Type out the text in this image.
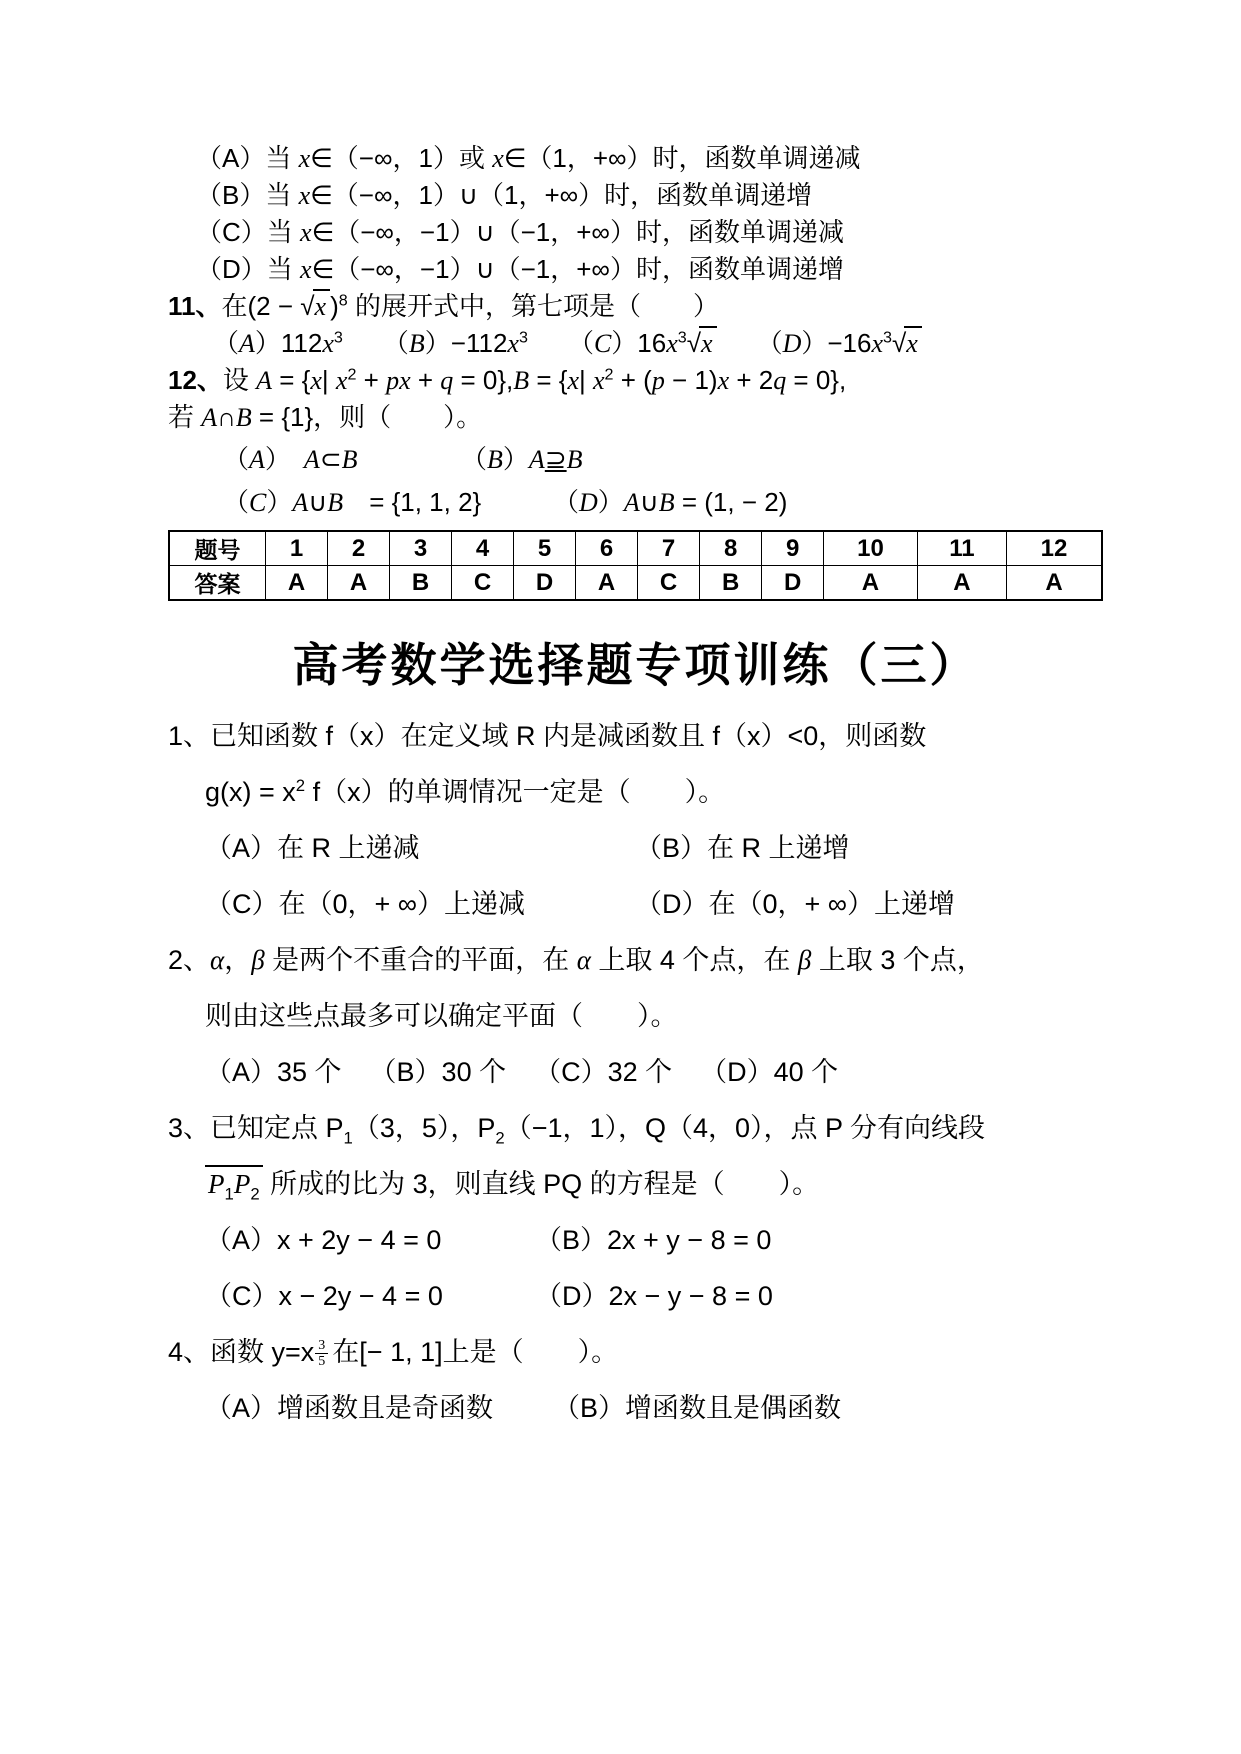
（A）当 x∈（−∞，1）或 x∈（1，+∞）时，函数单调递减
（B）当 x∈（−∞，1）∪（1，+∞）时，函数单调递增
（C）当 x∈（−∞，−1）∪（−1，+∞）时，函数单调递减
（D）当 x∈（−∞，−1）∪（−1，+∞）时，函数单调递增
11、在(2 − √x )$^8$ 的展开式中，第七项是（　　）
$(A)112x^3$ $(B)-112x^3$ $(C)16x^3√x$ $(D)-16x^3√x$
12、设 A = {x| $x^2$ + px + q = 0},B = {x| $x^2 + (p - 1)x + 2q = 0$},
若 A∩B = {1}，则（　　）。
（A）　A⊂B	（B）A⊇B
（C）A∪B　= {1, 1, 2}	（D）A∪B = (1, − 2)
题号	1	2	3	4	5	6	7	8	9	10	11	12
答案	A	A	B	C	D	A	C	B	D	A	A	A
高考数学选择题专项训练（三）
1、已知函数 f（x）在定义域 R 内是减函数且 f（x）<0，则函数
$g(x) = x^2$ f（x）的单调情况一定是（　　）。
（A）在 R 上递减	（B）在 R 上递增
（C）在（0，+ ∞）上递减	（D）在（0，+ ∞）上递增
2、α，β 是两个不重合的平面，在 α 上取 4 个点，在 β 上取 3 个点，
则由这些点最多可以确定平面（　　）。
（A）35 个 （B）30 个 （C）32 个 （D）40 个
3、已知定点 $P_1(3$，5），$P_2(-1$，1），Q（4，0），点 P 分有向线段
$P_1P_2$ 所成的比为 3，则直线 PQ 的方程是（　　）。
（A）x + 2y − 4 = 0	（B）2x + y − 8 = 0
（C）x − 2y − 4 = 0	（D）2x − y − 8 = 0
4、函数 $y=x \frac{3}{5}$ 在[− 1, 1]上是（　　）。
（A）增函数且是奇函数 （B）增函数且是偶函数
